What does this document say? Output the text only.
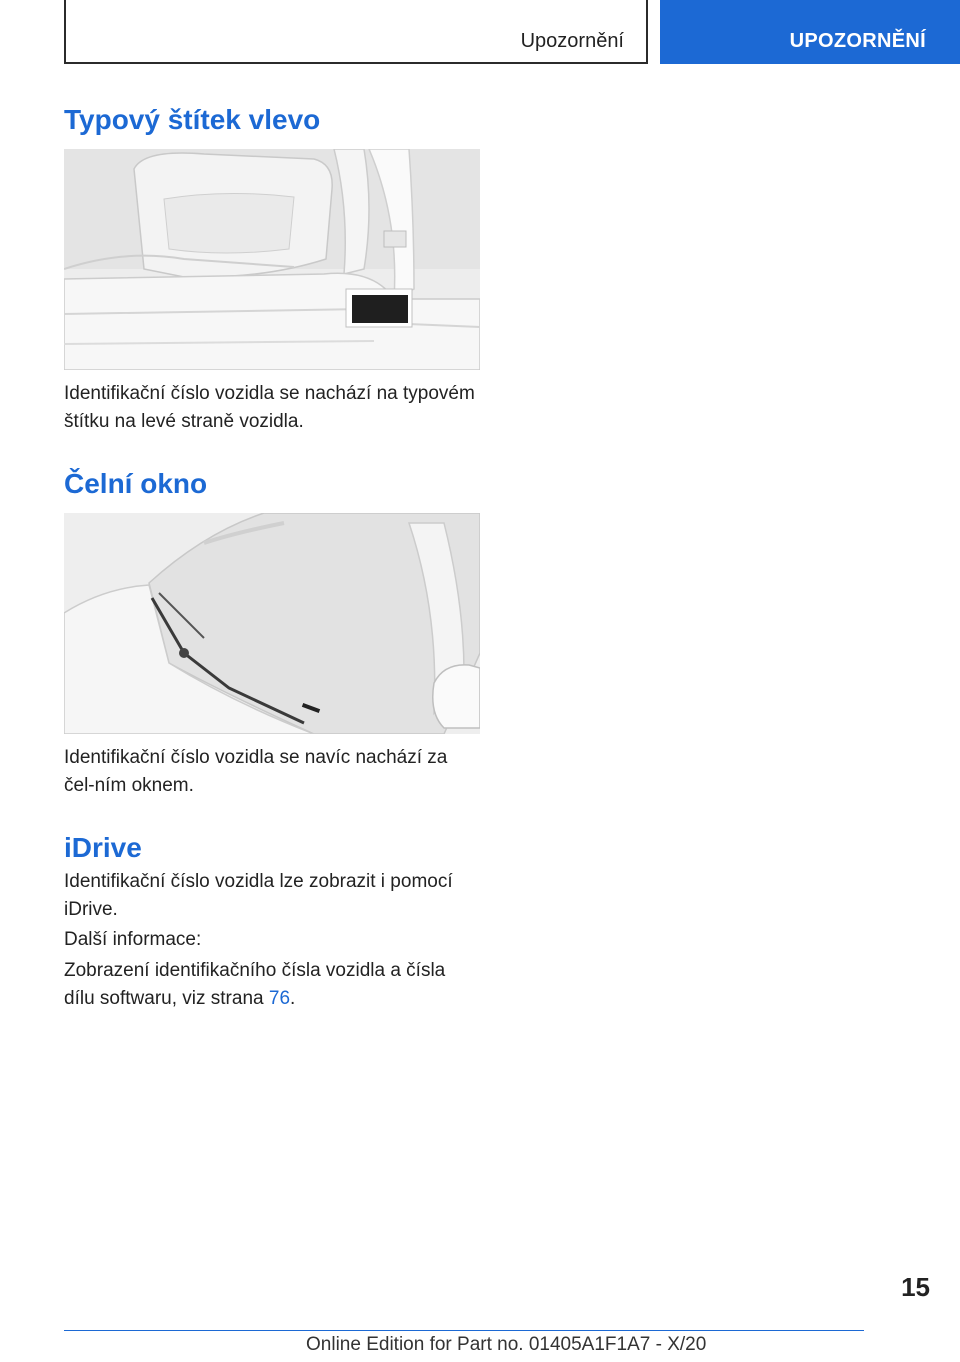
Upozornění	UPOZORNĚNÍ
Typový štítek vlevo

Identifikační číslo vozidla se nachází na typovém štítku na levé straně vozidla.

Čelní okno

Identifikační číslo vozidla se navíc nachází za čel-ním oknem.

iDrive

Identifikační číslo vozidla lze zobrazit i pomocí iDrive.

Další informace:

Zobrazení identifikačního čísla vozidla a čísla dílu softwaru, viz strana 76.

15
Online Edition for Part no. 01405A1F1A7 - X/20
